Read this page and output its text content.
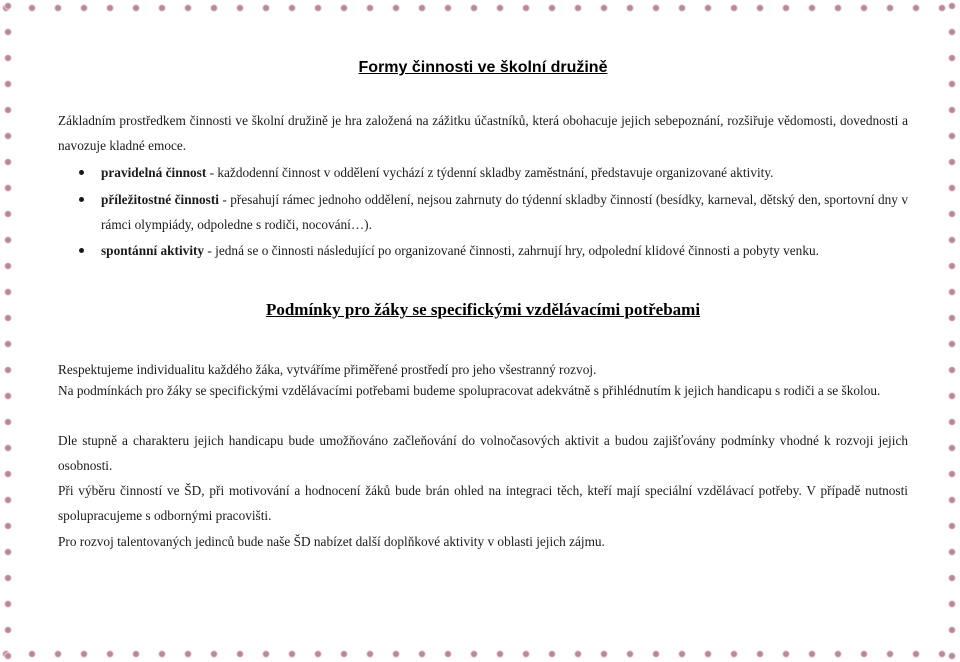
Formy činnosti ve školní družině

Základním prostředkem činnosti ve školní družině je hra založená na zážitku účastníků, která obohacuje jejich sebepoznání, rozšiřuje vědomosti, dovednosti a navozuje kladné emoce.

pravidelná činnost - každodenní činnost v oddělení vychází z týdenní skladby zaměstnání, představuje organizované aktivity.
příležitostné činnosti - přesahují rámec jednoho oddělení, nejsou zahrnuty do týdenní skladby činností (besídky, karneval, dětský den, sportovní dny v rámci olympiády, odpoledne s rodiči, nocování…).
spontánní aktivity - jedná se o činnosti následující po organizované činnosti, zahrnují hry, odpolední klidové činnosti a pobyty venku.
Podmínky pro žáky se specifickými vzdělávacími potřebami

Respektujeme individualitu každého žáka, vytváříme přiměřené prostředí pro jeho všestranný rozvoj.

Na podmínkách pro žáky se specifickými vzdělávacími potřebami budeme spolupracovat adekvátně s přihlédnutím k jejich handicapu s rodiči a se školou.

Dle stupně a charakteru jejich handicapu bude umožňováno začleňování do volnočasových aktivit a budou zajišťovány podmínky vhodné k rozvoji jejich osobnosti.

Při výběru činností ve ŠD, při motivování a hodnocení žáků bude brán ohled na integraci těch, kteří mají speciální vzdělávací potřeby. V případě nutnosti spolupracujeme s odbornými pracovišti.

Pro rozvoj talentovaných jedinců bude naše ŠD nabízet další doplňkové aktivity v oblasti jejich zájmu.
